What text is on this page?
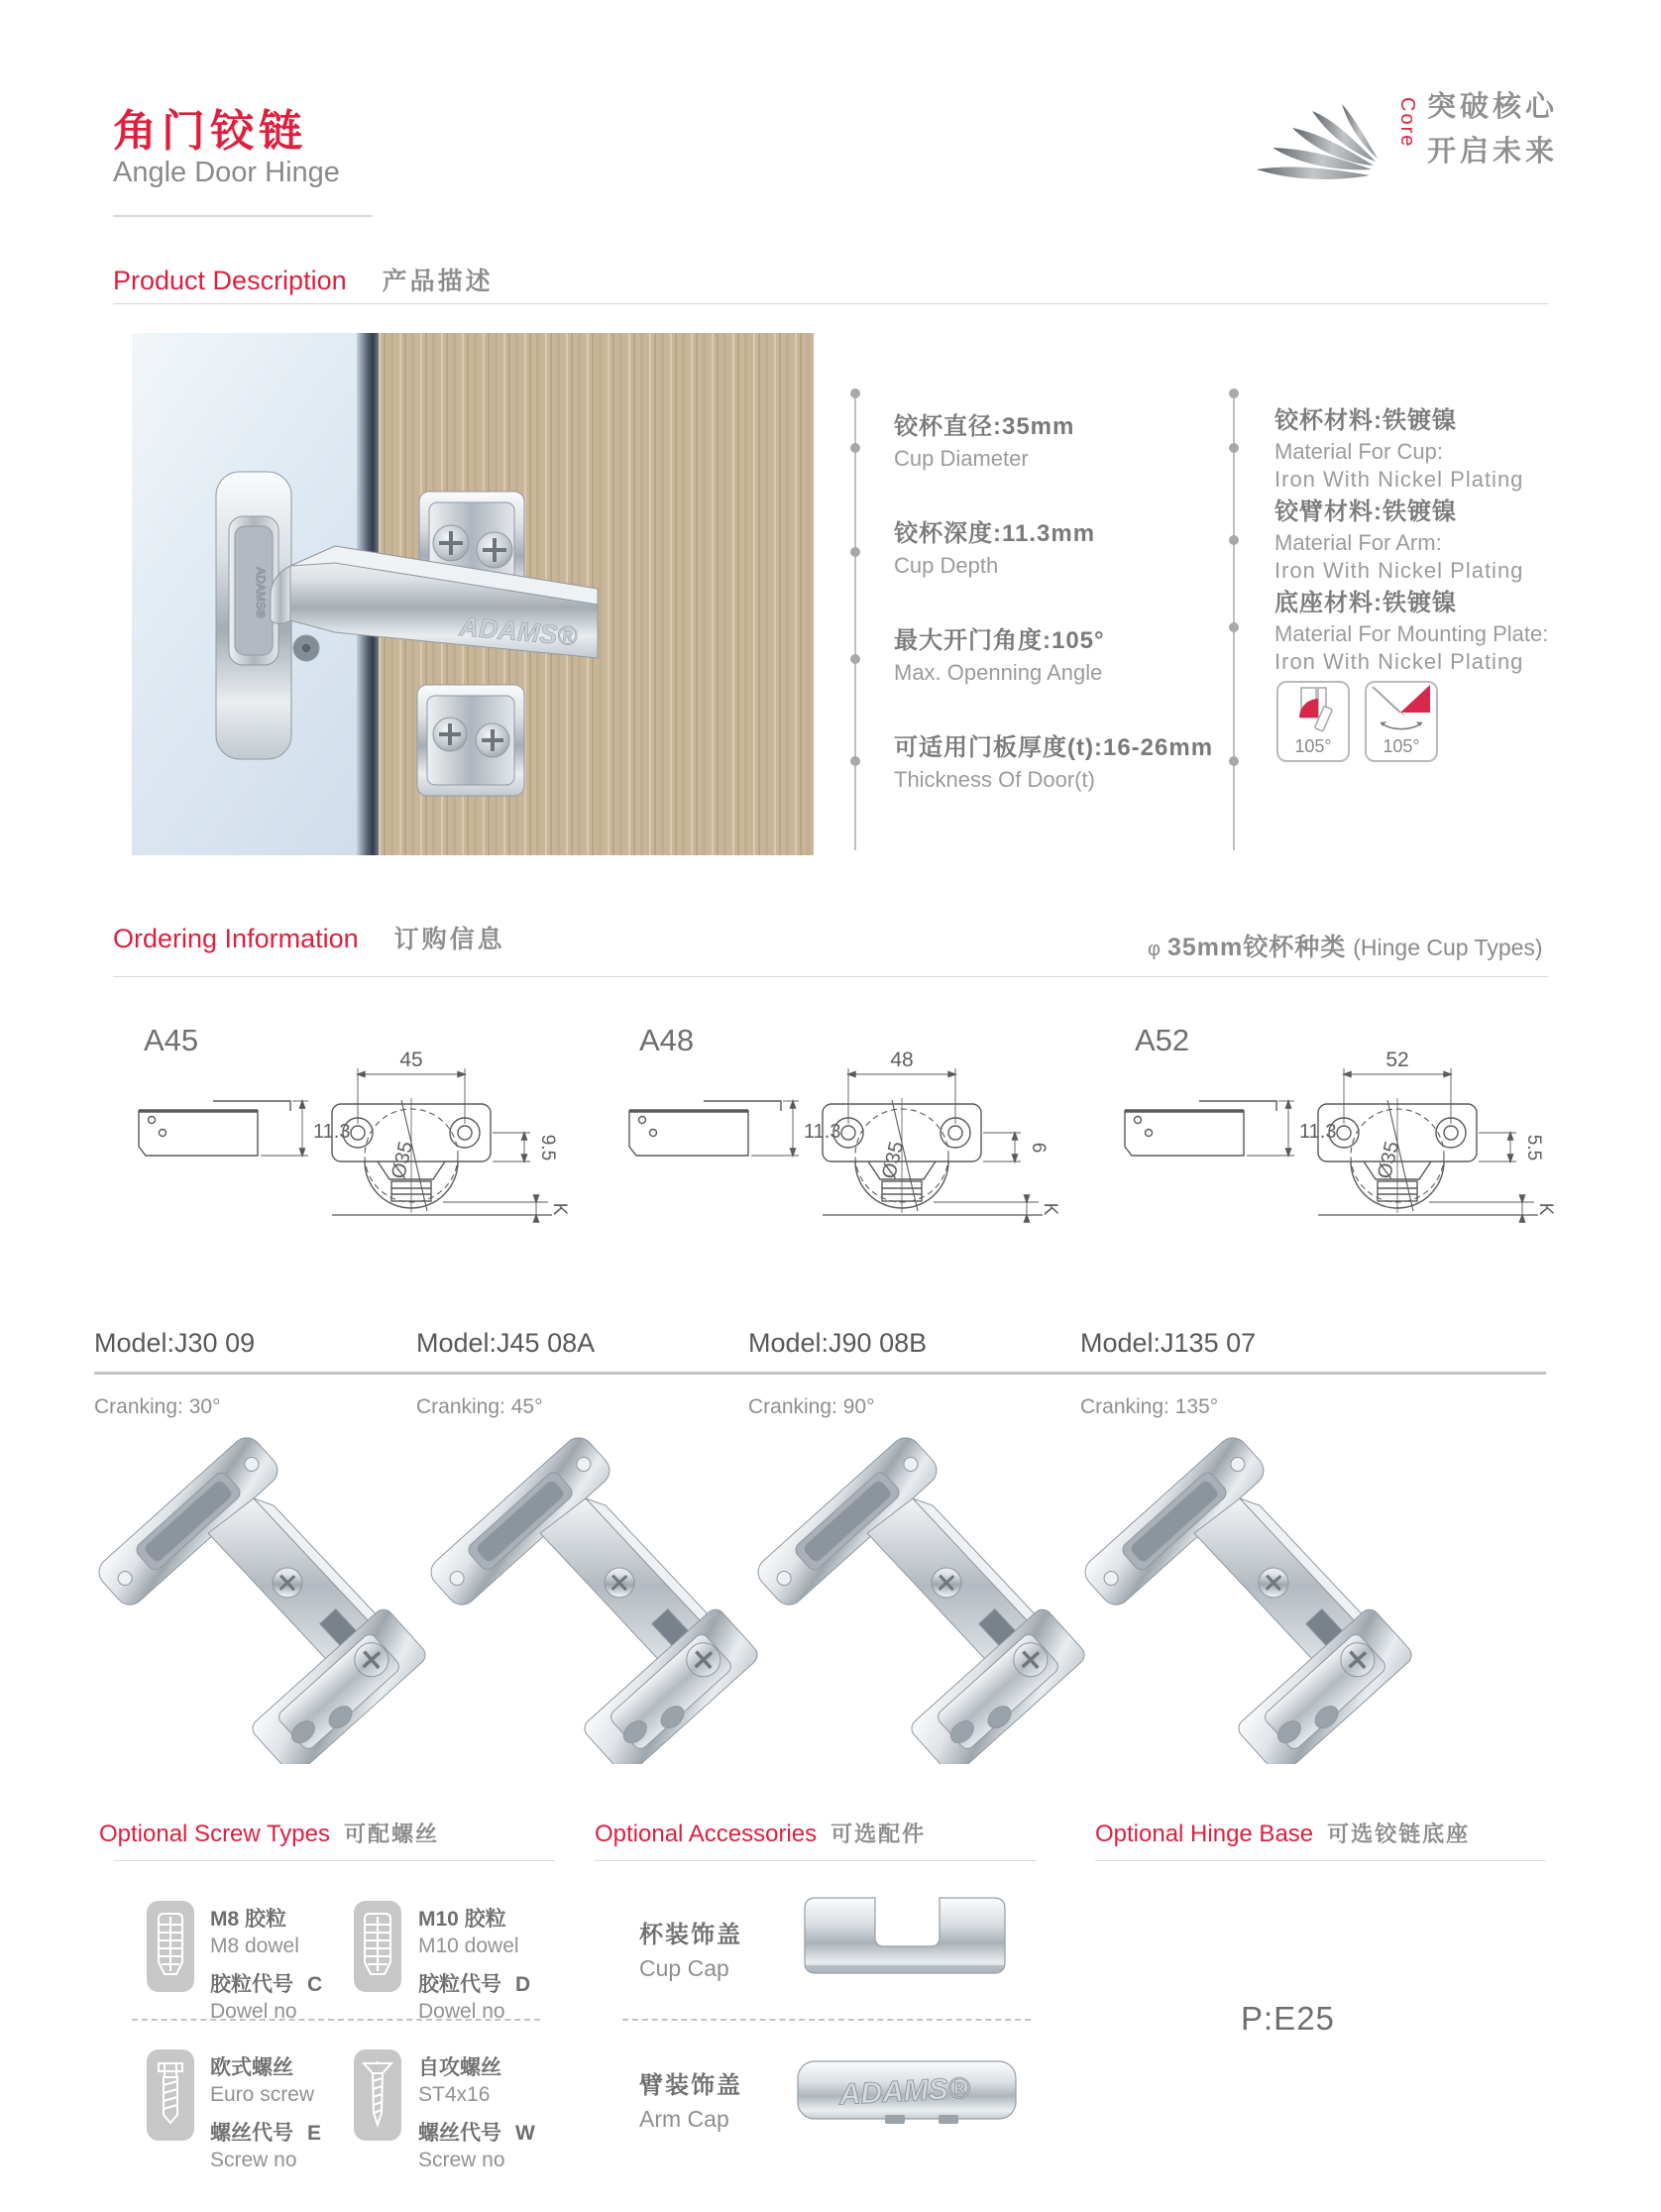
角门铰链
Angle Door Hinge
Core 突破核心
开启未来
Product Description 产品描述
ADAMS®
ADAMS®
铰杯直径:35mm
Cup Diameter
铰杯深度:11.3mm
Cup Depth
最大开门角度:105°
Max. Openning Angle
可适用门板厚度(t):16-26mm
Thickness Of Door(t)
铰杯材料:铁镀镍
Material For Cup:
Iron With Nickel Plating
铰臂材料:铁镀镍
Material For Arm:
Iron With Nickel Plating
底座材料:铁镀镍
Material For Mounting Plate:
Iron With Nickel Plating
105°	105°
Ordering Information 订购信息	φ 35mm铰杯种类 (Hinge Cup Types)
A45	A48	A52
11.3
45
Ø35	9.5
K
11.3
48
Ø35	6
K
11.3
52
Ø35	5.5
K
Model:J30 09	Model:J45 08A	Model:J90 08B	Model:J135 07
Cranking: 30°	Cranking: 45°	Cranking: 90°	Cranking: 135°
Optional Screw Types 可配螺丝	Optional Accessories 可选配件	Optional Hinge Base 可选铰链底座
M8 胶粒
M8 dowel
胶粒代号 C
Dowel no
M10 胶粒
M10 dowel
胶粒代号 D
Dowel no
欧式螺丝
Euro screw
螺丝代号 E
Screw no
自攻螺丝
ST4x16
螺丝代号 W
Screw no
杯装饰盖
Cup Cap
臂装饰盖
Arm Cap
ADAMS®
P:E25
